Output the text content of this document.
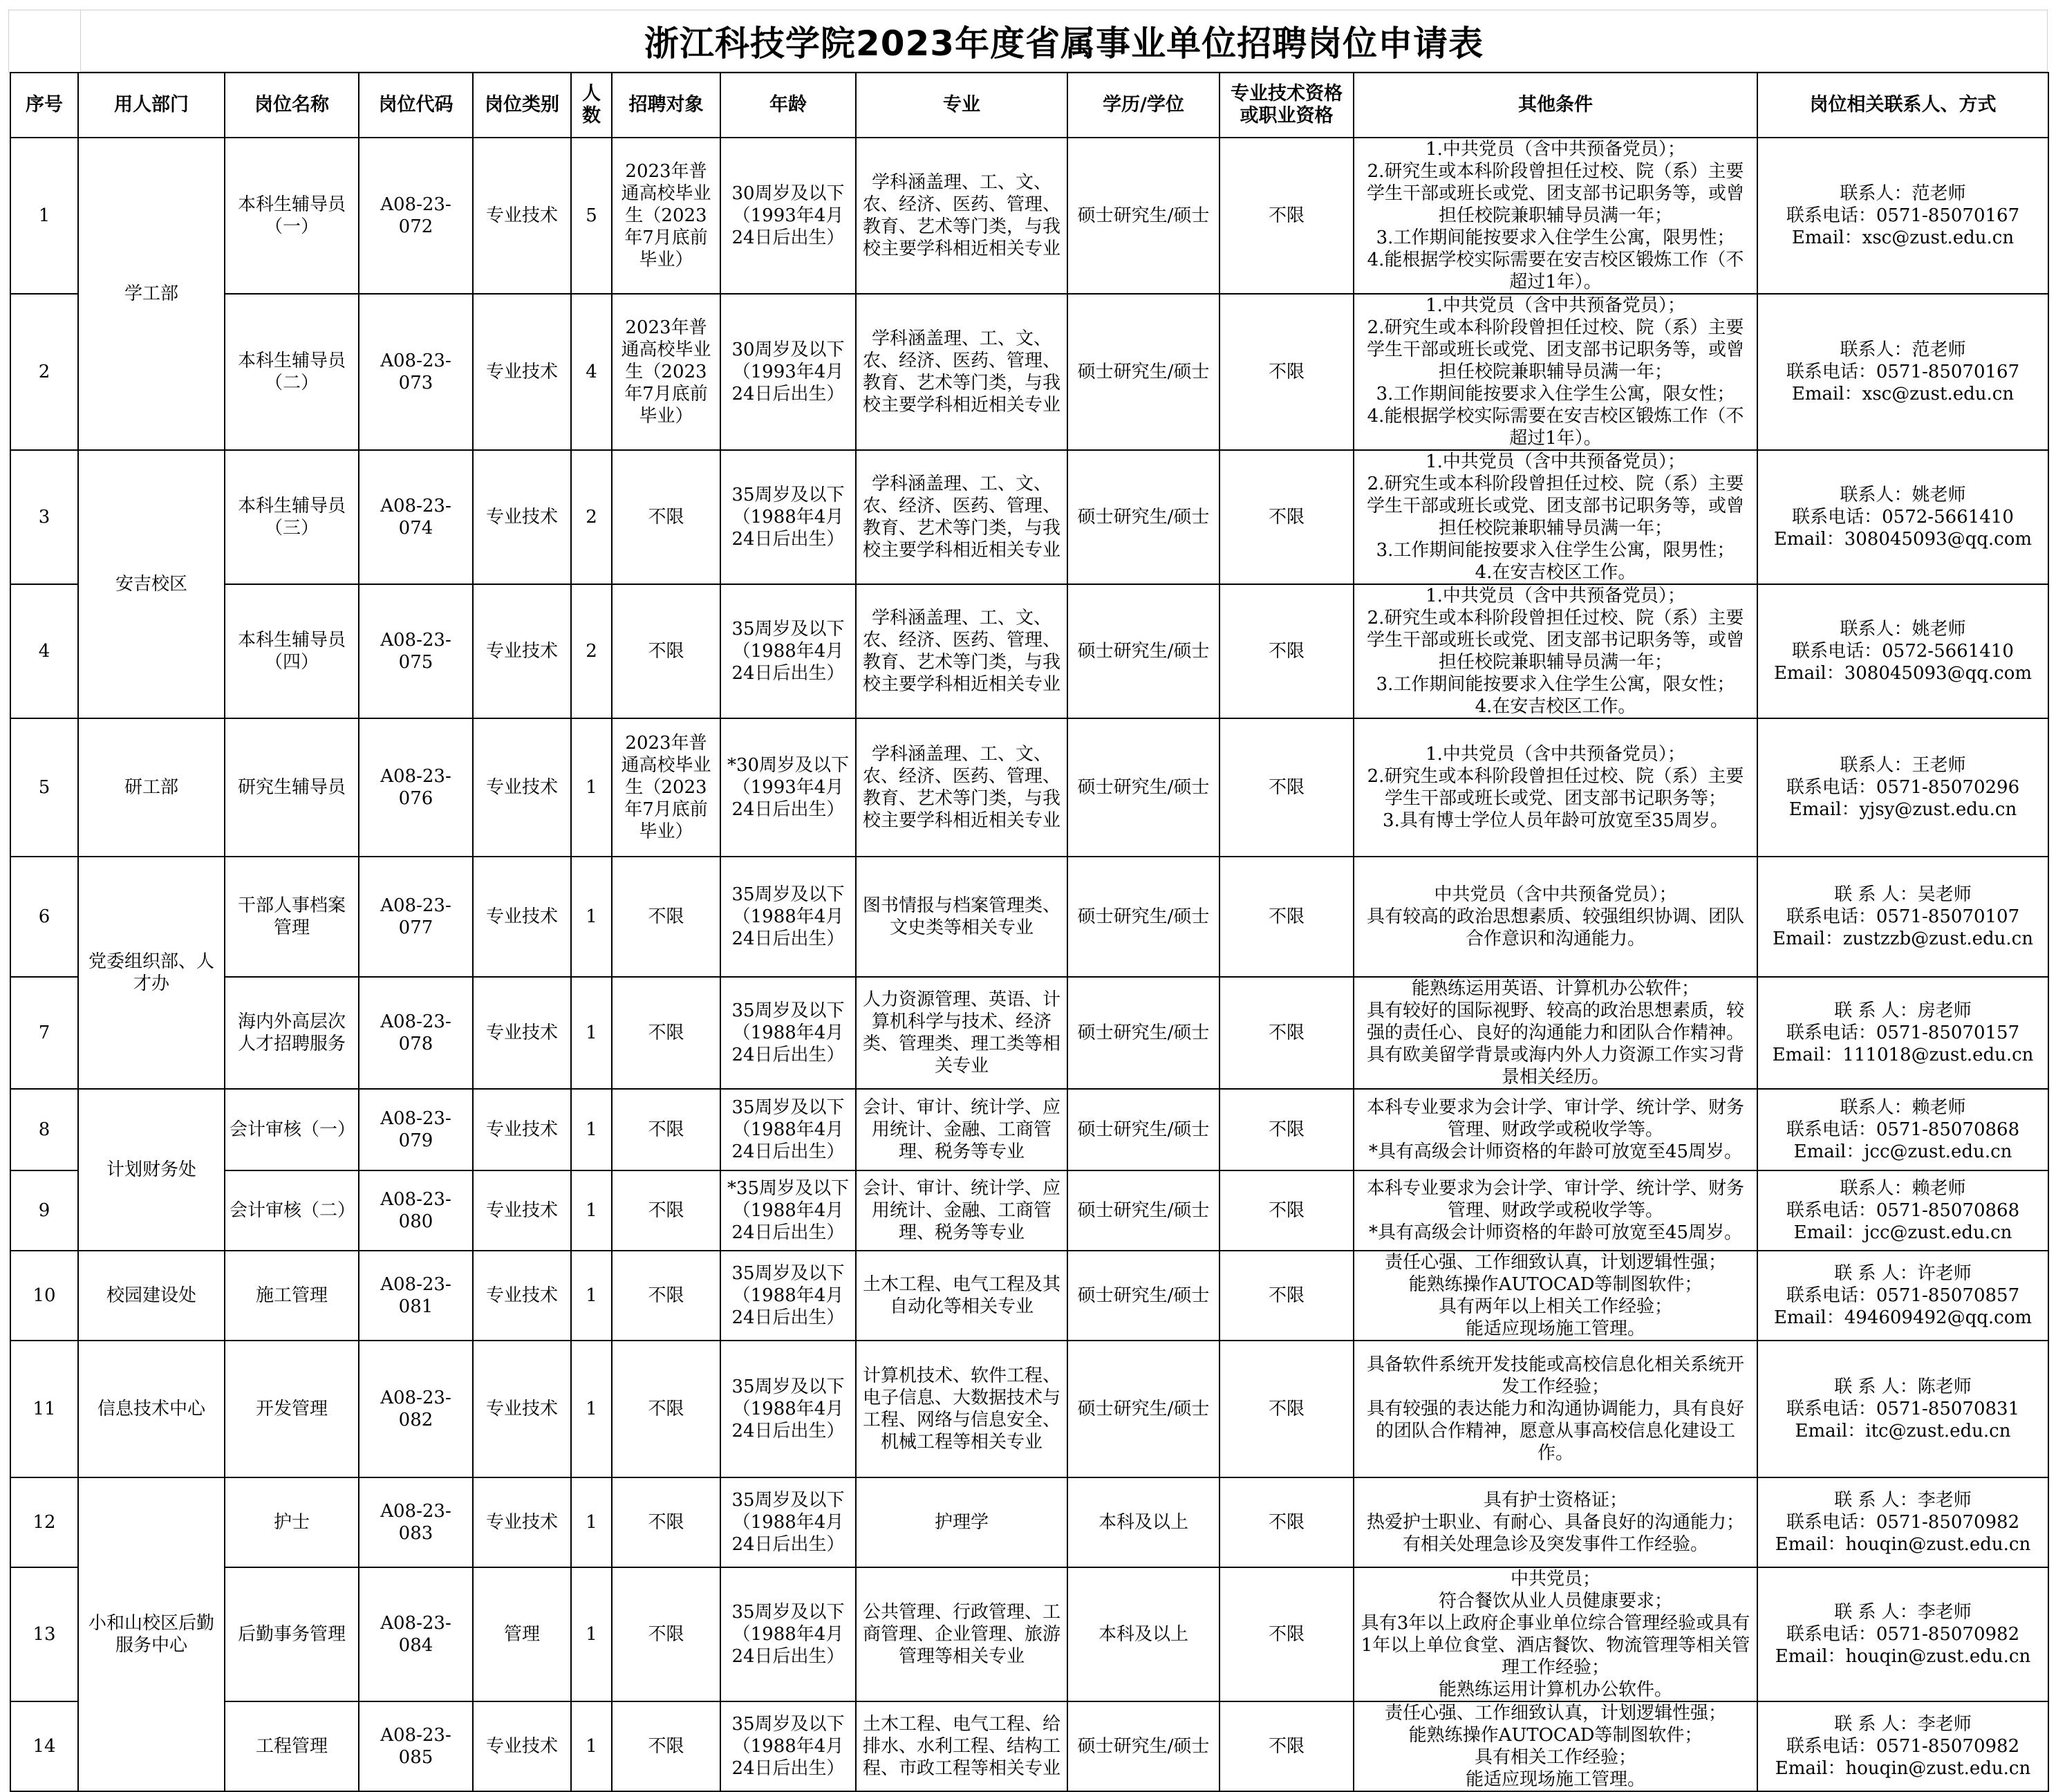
浙江科技学院2023年度省属事业单位招聘岗位申请表
序号	用人部门	岗位名称	岗位代码	岗位类别	人数	招聘对象	年龄	专业	学历/学位	专业技术资格或职业资格	其他条件	岗位相关联系人、方式
1	学工部	本科生辅导员（一）	A08-23-072	专业技术	5	2023年普通高校毕业生（2023年7月底前毕业）	30周岁及以下（1993年4月24日后出生）	学科涵盖理、工、文、农、经济、医药、管理、教育、艺术等门类，与我校主要学科相近相关专业	硕士研究生/硕士	不限	1.中共党员（含中共预备党员）；
2.研究生或本科阶段曾担任过校、院（系）主要学生干部或班长或党、团支部书记职务等，或曾担任校院兼职辅导员满一年；
3.工作期间能按要求入住学生公寓，限男性；
4.能根据学校实际需要在安吉校区锻炼工作（不超过1年）。	联系人：范老师
联系电话：0571-85070167
Email：xsc@zust.edu.cn

2		本科生辅导员（二）	A08-23-073	专业技术	4	2023年普通高校毕业生（2023年7月底前毕业）	30周岁及以下（1993年4月24日后出生）	学科涵盖理、工、文、农、经济、医药、管理、教育、艺术等门类，与我校主要学科相近相关专业	硕士研究生/硕士	不限	1.中共党员（含中共预备党员）；
2.研究生或本科阶段曾担任过校、院（系）主要学生干部或班长或党、团支部书记职务等，或曾担任校院兼职辅导员满一年；
3.工作期间能按要求入住学生公寓，限女性；
4.能根据学校实际需要在安吉校区锻炼工作（不超过1年）。	联系人：范老师
联系电话：0571-85070167
Email：xsc@zust.edu.cn

3	安吉校区	本科生辅导员（三）	A08-23-074	专业技术	2	不限	35周岁及以下（1988年4月24日后出生）	学科涵盖理、工、文、农、经济、医药、管理、教育、艺术等门类，与我校主要学科相近相关专业	硕士研究生/硕士	不限	1.中共党员（含中共预备党员）；
2.研究生或本科阶段曾担任过校、院（系）主要学生干部或班长或党、团支部书记职务等，或曾担任校院兼职辅导员满一年；
3.工作期间能按要求入住学生公寓，限男性；
4.在安吉校区工作。	联系人：姚老师
联系电话：0572-5661410
Email：308045093@qq.com

4		本科生辅导员（四）	A08-23-075	专业技术	2	不限	35周岁及以下（1988年4月24日后出生）	学科涵盖理、工、文、农、经济、医药、管理、教育、艺术等门类，与我校主要学科相近相关专业	硕士研究生/硕士	不限	1.中共党员（含中共预备党员）；
2.研究生或本科阶段曾担任过校、院（系）主要学生干部或班长或党、团支部书记职务等，或曾担任校院兼职辅导员满一年；
3.工作期间能按要求入住学生公寓，限女性；
4.在安吉校区工作。	联系人：姚老师
联系电话：0572-5661410
Email：308045093@qq.com

5	研工部	研究生辅导员	A08-23-076	专业技术	1	2023年普通高校毕业生（2023年7月底前毕业）	*30周岁及以下（1993年4月24日后出生）	学科涵盖理、工、文、农、经济、医药、管理、教育、艺术等门类，与我校主要学科相近相关专业	硕士研究生/硕士	不限	1.中共党员（含中共预备党员）；
2.研究生或本科阶段曾担任过校、院（系）主要学生干部或班长或党、团支部书记职务等；
3.具有博士学位人员年龄可放宽至35周岁。	联系人：王老师
联系电话：0571-85070296
Email：yjsy@zust.edu.cn

6	党委组织部、人才办	干部人事档案管理	A08-23-077	专业技术	1	不限	35周岁及以下（1988年4月24日后出生）	图书情报与档案管理类、文史类等相关专业	硕士研究生/硕士	不限	中共党员（含中共预备党员）；
具有较高的政治思想素质、较强组织协调、团队合作意识和沟通能力。	联 系 人：吴老师
联系电话：0571-85070107
Email：zustzzb@zust.edu.cn

7		海内外高层次人才招聘服务	A08-23-078	专业技术	1	不限	35周岁及以下（1988年4月24日后出生）	人力资源管理、英语、计算机科学与技术、经济类、管理类、理工类等相关专业	硕士研究生/硕士	不限	能熟练运用英语、计算机办公软件；
具有较好的国际视野、较高的政治思想素质，较强的责任心、良好的沟通能力和团队合作精神。
具有欧美留学背景或海内外人力资源工作实习背景相关经历。	联 系 人：房老师
联系电话：0571-85070157
Email：111018@zust.edu.cn

8	计划财务处	会计审核（一）	A08-23-079	专业技术	1	不限	35周岁及以下（1988年4月24日后出生）	会计、审计、统计学、应用统计、金融、工商管理、税务等专业	硕士研究生/硕士	不限	本科专业要求为会计学、审计学、统计学、财务管理、财政学或税收学等。
*具有高级会计师资格的年龄可放宽至45周岁。	联系人：赖老师
联系电话：0571-85070868
Email：jcc@zust.edu.cn

9		会计审核（二）	A08-23-080	专业技术	1	不限	*35周岁及以下（1988年4月24日后出生）	会计、审计、统计学、应用统计、金融、工商管理、税务等专业	硕士研究生/硕士	不限	本科专业要求为会计学、审计学、统计学、财务管理、财政学或税收学等。
*具有高级会计师资格的年龄可放宽至45周岁。	联系人：赖老师
联系电话：0571-85070868
Email：jcc@zust.edu.cn

10	校园建设处	施工管理	A08-23-081	专业技术	1	不限	35周岁及以下（1988年4月24日后出生）	土木工程、电气工程及其自动化等相关专业	硕士研究生/硕士	不限	责任心强、工作细致认真，计划逻辑性强；
能熟练操作AUTOCAD等制图软件；
具有两年以上相关工作经验；
能适应现场施工管理。	联 系 人：许老师
联系电话：0571-85070857
Email：494609492@qq.com

11	信息技术中心	开发管理	A08-23-082	专业技术	1	不限	35周岁及以下（1988年4月24日后出生）	计算机技术、软件工程、电子信息、大数据技术与工程、网络与信息安全、机械工程等相关专业	硕士研究生/硕士	不限	具备软件系统开发技能或高校信息化相关系统开发工作经验；
具有较强的表达能力和沟通协调能力，具有良好的团队合作精神，愿意从事高校信息化建设工作。	联 系 人：陈老师
联系电话：0571-85070831
Email：itc@zust.edu.cn

12	小和山校区后勤服务中心	护士	A08-23-083	专业技术	1	不限	35周岁及以下（1988年4月24日后出生）	护理学	本科及以上	不限	具有护士资格证；
热爱护士职业、有耐心、具备良好的沟通能力；
有相关处理急诊及突发事件工作经验。	联 系 人：李老师
联系电话：0571-85070982
Email：houqin@zust.edu.cn

13		后勤事务管理	A08-23-084	管理	1	不限	35周岁及以下（1988年4月24日后出生）	公共管理、行政管理、工商管理、企业管理、旅游管理等相关专业	本科及以上	不限	中共党员；
符合餐饮从业人员健康要求；
具有3年以上政府企事业单位综合管理经验或具有1年以上单位食堂、酒店餐饮、物流管理等相关管理工作经验；
能熟练运用计算机办公软件。	联 系 人：李老师
联系电话：0571-85070982
Email：houqin@zust.edu.cn

14		工程管理	A08-23-085	专业技术	1	不限	35周岁及以下（1988年4月24日后出生）	土木工程、电气工程、给排水、水利工程、结构工程、市政工程等相关专业	硕士研究生/硕士	不限	责任心强、工作细致认真，计划逻辑性强；
能熟练操作AUTOCAD等制图软件；
具有相关工作经验；
能适应现场施工管理。	联 系 人：李老师
联系电话：0571-85070982
Email：houqin@zust.edu.cn
